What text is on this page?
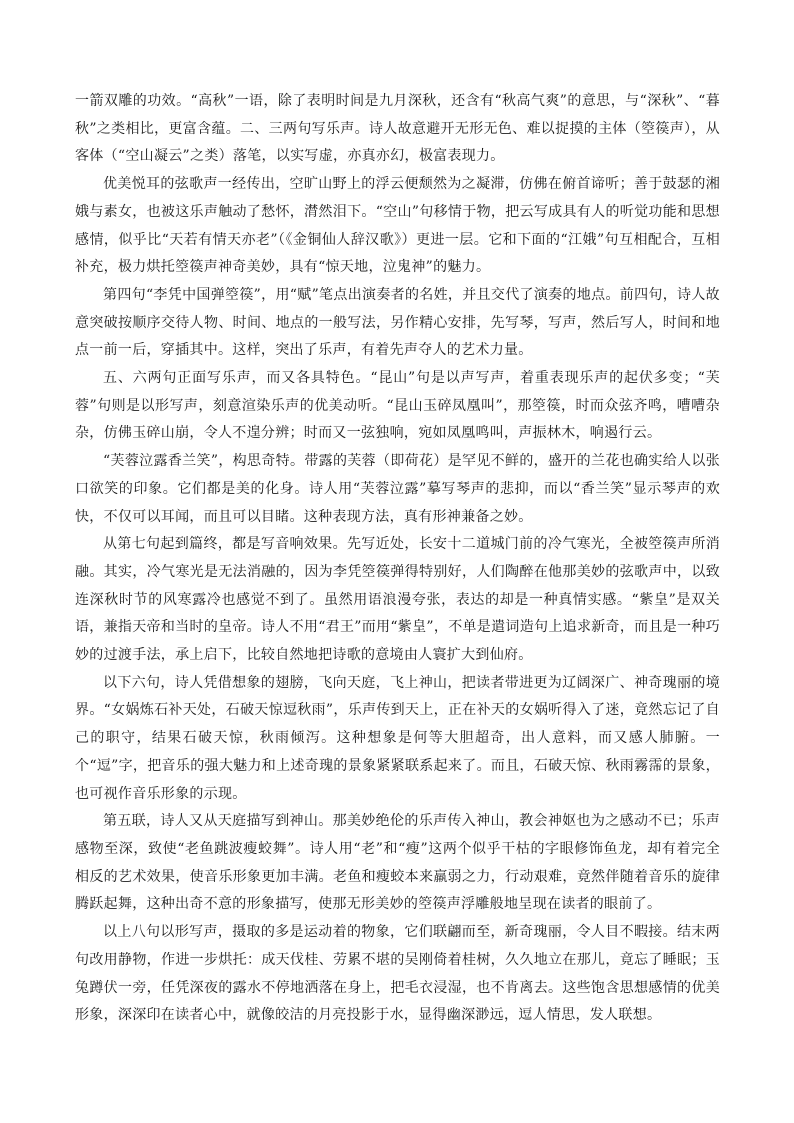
一箭双雕的功效。“高秋”一语，除了表明时间是九月深秋，还含有“秋高气爽”的意思，与“深秋”、“暮秋”之类相比，更富含蕴。二、三两句写乐声。诗人故意避开无形无色、难以捉摸的主体（箜篌声），从客体（“空山凝云”之类）落笔，以实写虚，亦真亦幻，极富表现力。

优美悦耳的弦歌声一经传出，空旷山野上的浮云便颓然为之凝滞，仿佛在俯首谛听；善于鼓瑟的湘娥与素女，也被这乐声触动了愁怀，潸然泪下。“空山”句移情于物，把云写成具有人的听觉功能和思想感情，似乎比“天若有情天亦老”（《金铜仙人辞汉歌》）更进一层。它和下面的“江娥”句互相配合，互相补充，极力烘托箜篌声神奇美妙，具有“惊天地，泣鬼神”的魅力。

第四句“李凭中国弹箜篌”，用“赋”笔点出演奏者的名姓，并且交代了演奏的地点。前四句，诗人故意突破按顺序交待人物、时间、地点的一般写法，另作精心安排，先写琴，写声，然后写人，时间和地点一前一后，穿插其中。这样，突出了乐声，有着先声夺人的艺术力量。

五、六两句正面写乐声，而又各具特色。“昆山”句是以声写声，着重表现乐声的起伏多变；“芙蓉”句则是以形写声，刻意渲染乐声的优美动听。“昆山玉碎凤凰叫”，那箜篌，时而众弦齐鸣，嘈嘈杂杂，仿佛玉碎山崩，令人不遑分辨；时而又一弦独响，宛如凤凰鸣叫，声振林木，响遏行云。

“芙蓉泣露香兰笑”，构思奇特。带露的芙蓉（即荷花）是罕见不鲜的，盛开的兰花也确实给人以张口欲笑的印象。它们都是美的化身。诗人用“芙蓉泣露”摹写琴声的悲抑，而以“香兰笑”显示琴声的欢快，不仅可以耳闻，而且可以目睹。这种表现方法，真有形神兼备之妙。

从第七句起到篇终，都是写音响效果。先写近处，长安十二道城门前的冷气寒光，全被箜篌声所消融。其实，冷气寒光是无法消融的，因为李凭箜篌弹得特别好，人们陶醉在他那美妙的弦歌声中，以致连深秋时节的风寒露冷也感觉不到了。虽然用语浪漫夸张，表达的却是一种真情实感。“紫皇”是双关语，兼指天帝和当时的皇帝。诗人不用“君王”而用“紫皇”，不单是遣词造句上追求新奇，而且是一种巧妙的过渡手法，承上启下，比较自然地把诗歌的意境由人寰扩大到仙府。

以下六句，诗人凭借想象的翅膀，飞向天庭，飞上神山，把读者带进更为辽阔深广、神奇瑰丽的境界。“女娲炼石补天处，石破天惊逗秋雨”，乐声传到天上，正在补天的女娲听得入了迷，竟然忘记了自己的职守，结果石破天惊，秋雨倾泻。这种想象是何等大胆超奇，出人意料，而又感人肺腑。一个“逗”字，把音乐的强大魅力和上述奇瑰的景象紧紧联系起来了。而且，石破天惊、秋雨霧霈的景象，也可视作音乐形象的示现。

第五联，诗人又从天庭描写到神山。那美妙绝伦的乐声传入神山，教会神妪也为之感动不已；乐声感物至深，致使“老鱼跳波瘦蛟舞”。诗人用“老”和“瘦”这两个似乎干枯的字眼修饰鱼龙，却有着完全相反的艺术效果，使音乐形象更加丰满。老鱼和瘦蛟本来羸弱之力，行动艰难，竟然伴随着音乐的旋律腾跃起舞，这种出奇不意的形象描写，使那无形美妙的箜篌声浮雕般地呈现在读者的眼前了。

以上八句以形写声，摄取的多是运动着的物象，它们联翩而至，新奇瑰丽，令人目不暇接。结末两句改用静物，作进一步烘托：成天伐桂、劳累不堪的吴刚倚着桂树，久久地立在那儿，竟忘了睡眠；玉兔蹲伏一旁，任凭深夜的露水不停地洒落在身上，把毛衣浸湿，也不肯离去。这些饱含思想感情的优美形象，深深印在读者心中，就像皎洁的月亮投影于水，显得幽深渺远，逗人情思，发人联想。
